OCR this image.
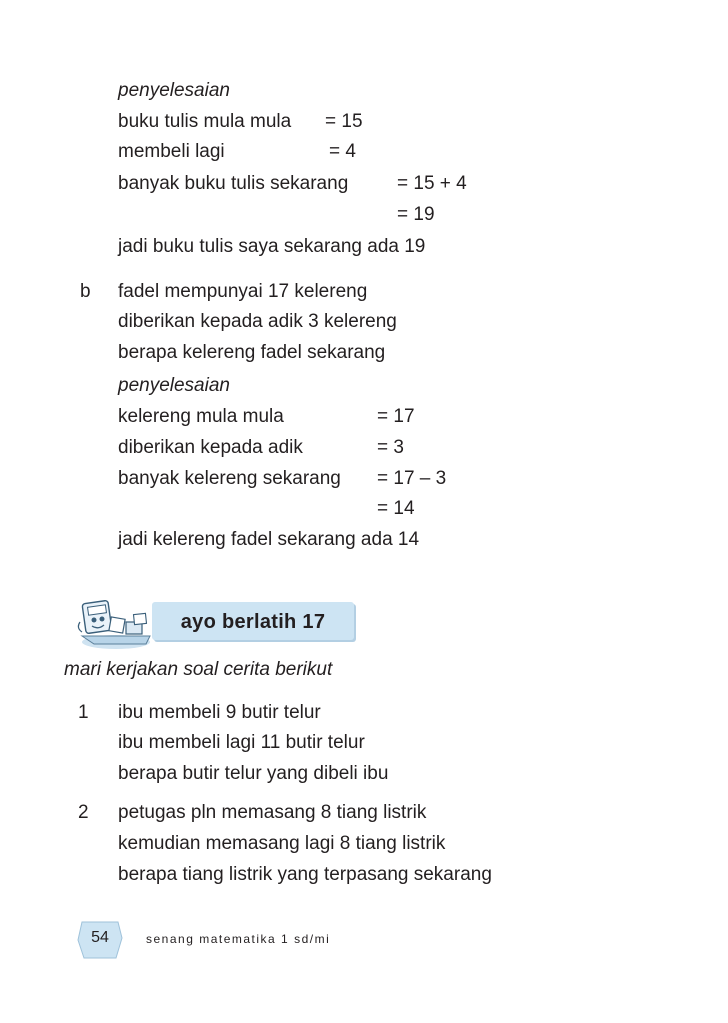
penyelesaian
buku tulis mula mula = 15
membeli lagi	= 4
banyak buku tulis sekarang	= 15 + 4
= 19
jadi buku tulis saya sekarang ada 19
b fadel mempunyai 17 kelereng
diberikan kepada adik 3 kelereng
berapa kelereng fadel sekarang
penyelesaian
kelereng mula mula	= 17
diberikan kepada adik	= 3
banyak kelereng sekarang = 17 – 3
= 14
jadi kelereng fadel sekarang ada 14
ayo berlatih 17
mari kerjakan soal cerita berikut
1 ibu membeli 9 butir telur
ibu membeli lagi 11 butir telur
berapa butir telur yang dibeli ibu
2 petugas pln memasang 8 tiang listrik
kemudian memasang lagi 8 tiang listrik
berapa tiang listrik yang terpasang sekarang
54	senang matematika 1 sd/mi
